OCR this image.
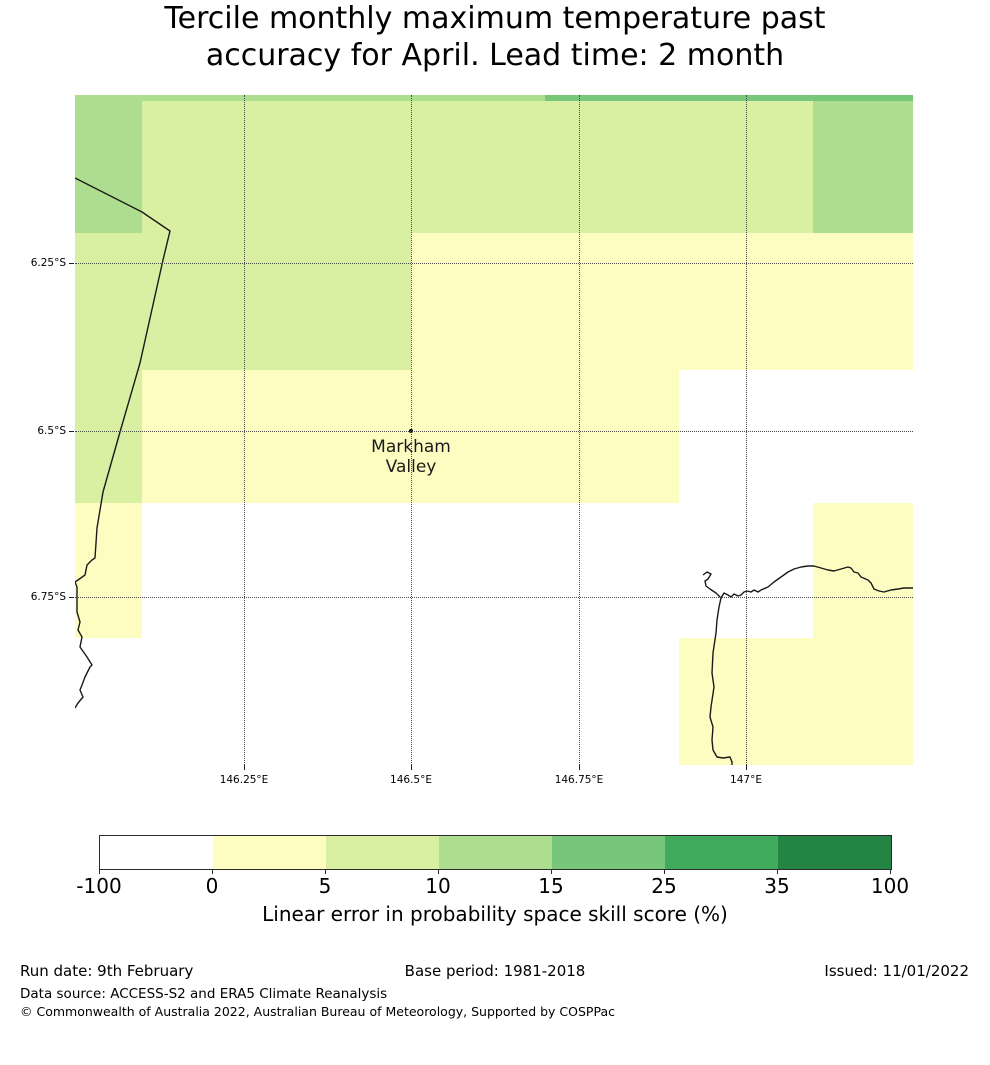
Tercile monthly maximum temperature past
accuracy for April. Lead time: 2 month
Markham
Valley
146.25°E	146.5°E	146.75°E	147°E
6.25°S
6.5°S
6.75°S
-100	0	5	10	15	25	35	100
Linear error in probability space skill score (%)
Run date: 9th February	Base period: 1981-2018	Issued: 11/01/2022
Data source: ACCESS-S2 and ERA5 Climate Reanalysis
© Commonwealth of Australia 2022, Australian Bureau of Meteorology, Supported by COSPPac
